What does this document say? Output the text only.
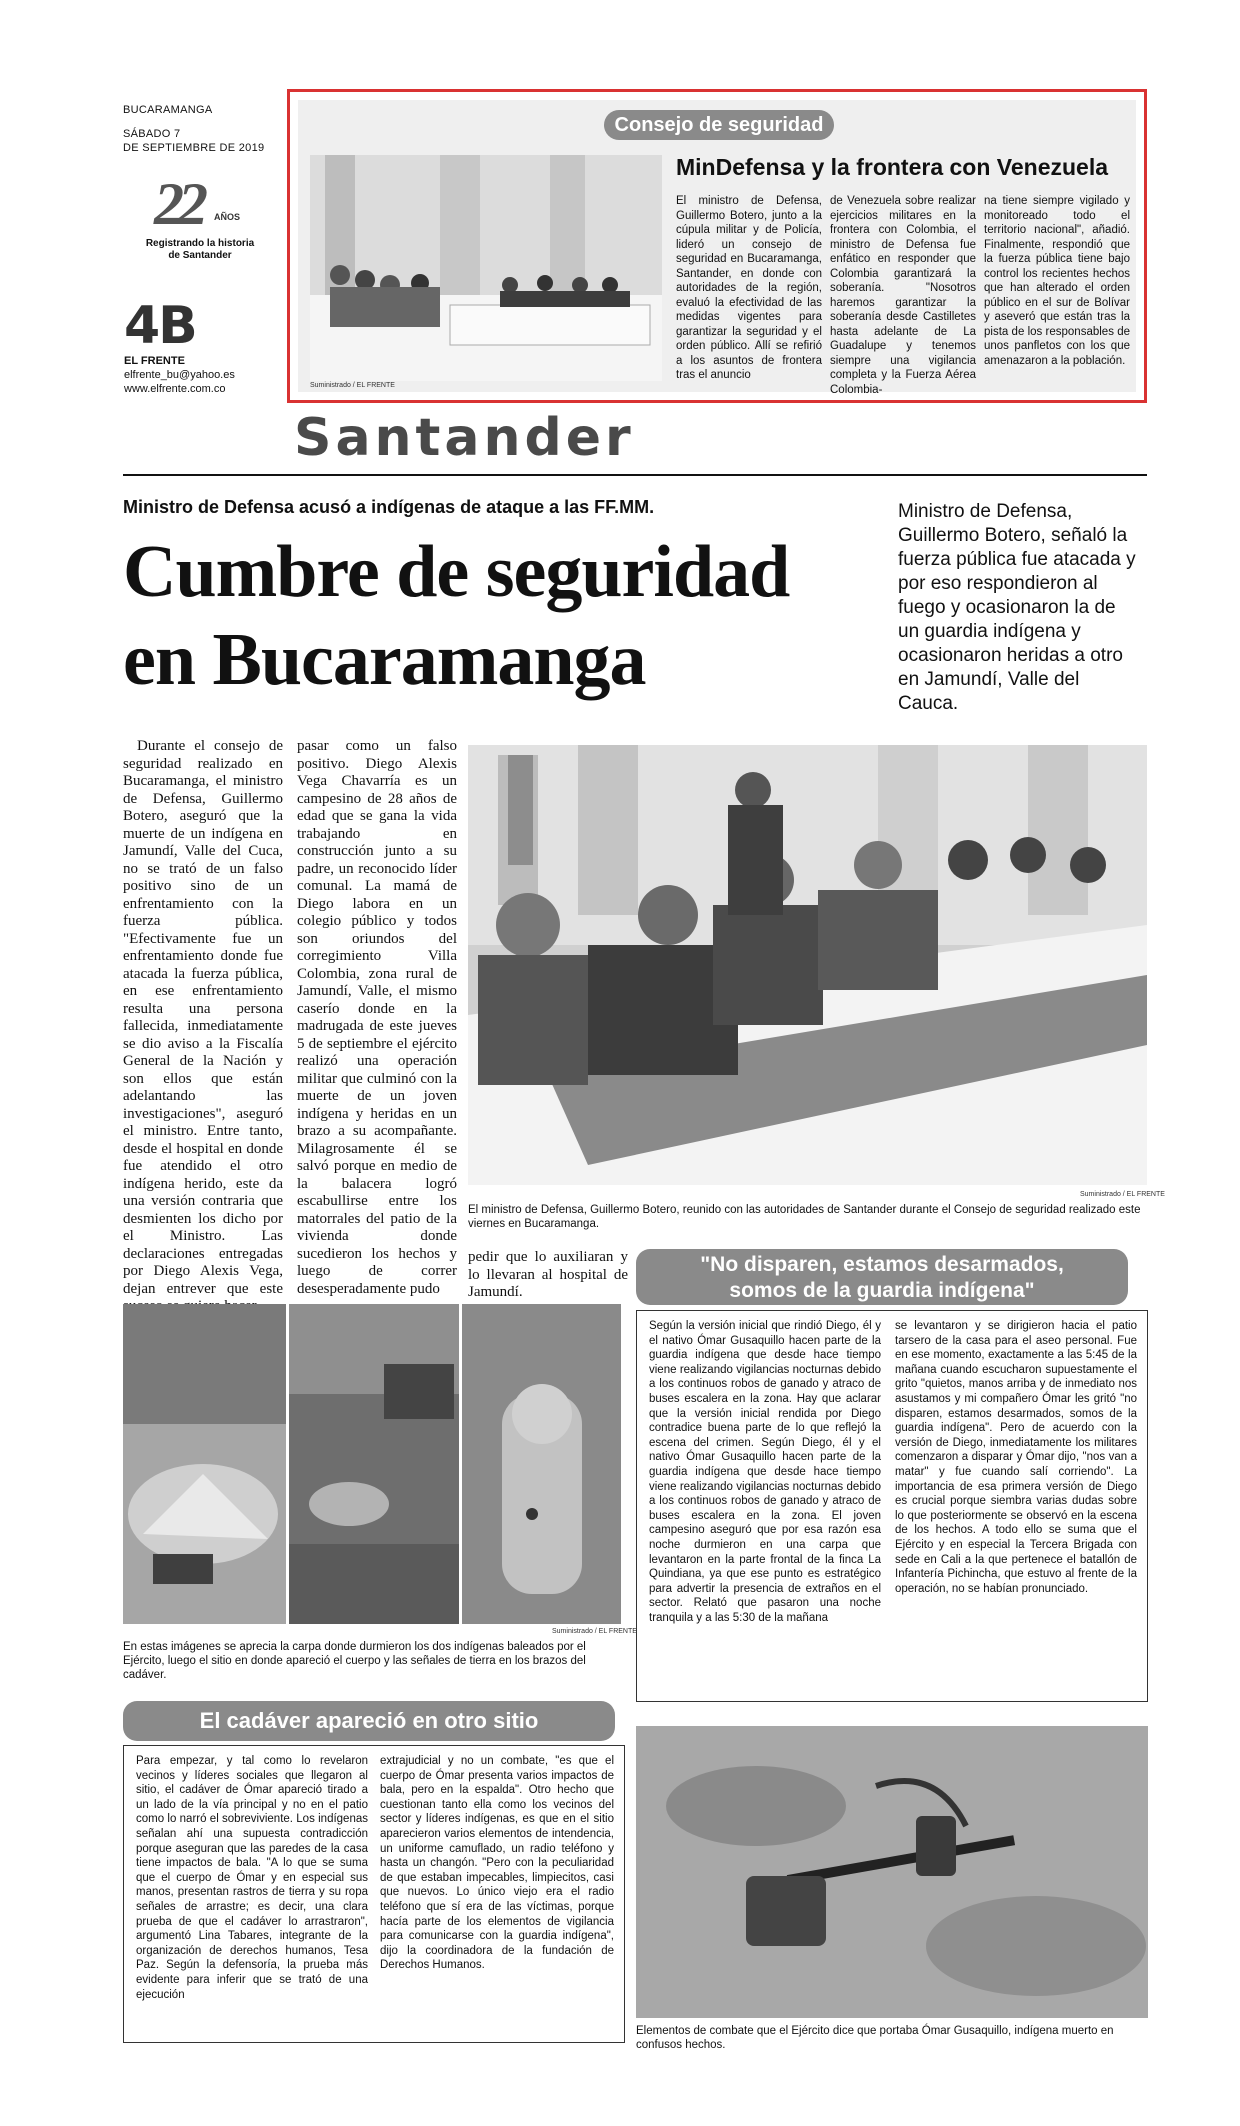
BUCARAMANGA
SÁBADO 7
DE SEPTIEMBRE DE 2019
22 AÑOS
Registrando la historia
de Santander
4B
EL FRENTE
elfrente_bu@yahoo.es
www.elfrente.com.co
Consejo de seguridad
Suministrado / EL FRENTE
MinDefensa y la frontera con Venezuela
El ministro de Defensa, Guillermo Botero, junto a la cúpula militar y de Policía, lideró un consejo de seguridad en Bucaramanga, Santander, en donde con autoridades de la región, evaluó la efectividad de las medidas vigentes para garantizar la seguridad y el orden público. Allí se refirió a los asuntos de frontera tras el anuncio
de Venezuela sobre realizar ejercicios militares en la frontera con Colombia, el ministro de Defensa fue enfático en responder que Colombia garantizará la soberanía. "Nosotros haremos garantizar la soberanía desde Castilletes hasta adelante de La Guadalupe y tenemos siempre una vigilancia completa y la Fuerza Aérea Colombia-
na tiene siempre vigilado y monitoreado todo el territorio nacional", añadió. Finalmente, respondió que la fuerza pública tiene bajo control los recientes hechos que han alterado el orden público en el sur de Bolívar y aseveró que están tras la pista de los responsables de unos panfletos con los que amenazaron a la población.
Santander
Ministro de Defensa acusó a indígenas de ataque a las FF.MM.
Cumbre de seguridad
en Bucaramanga
Ministro de Defensa, Guillermo Botero, señaló la fuerza pública fue atacada y por eso respondieron al fuego y ocasionaron la de un guardia indígena y ocasionaron heridas a otro en Jamundí, Valle del Cauca.
Durante el consejo de seguridad realizado en Bucaramanga, el ministro de Defensa, Guillermo Botero, aseguró que la muerte de un indígena en Jamundí, Valle del Cuca, no se trató de un falso positivo sino de un enfrentamiento con la fuerza pública. "Efectivamente fue un enfrentamiento donde fue atacada la fuerza pública, en ese enfrentamiento resulta una persona fallecida, inmediatamente se dio aviso a la Fiscalía General de la Nación y son ellos que están adelantando las investigaciones", aseguró el ministro. Entre tanto, desde el hospital en donde fue atendido el otro indígena herido, este da una versión contraria que desmienten los dicho por el Ministro. Las declaraciones entregadas por Diego Alexis Vega, dejan entrever que este
pasar como un falso positivo. Diego Alexis Vega Chavarría es un campesino de 28 años de edad que se gana la vida trabajando en construcción junto a su padre, un reconocido líder comunal. La mamá de Diego labora en un colegio público y todos son oriundos del corregimiento Villa Colombia, zona rural de Jamundí, Valle, el mismo caserío donde en la madrugada de este jueves 5 de septiembre el ejército realizó una operación militar que culminó con la muerte de un joven indígena y heridas en un brazo a su acompañante. Milagrosamente él se salvó porque en medio de la balacera logró escabullirse entre los matorrales del patio de la vivienda donde sucedieron los hechos y luego de correr desesperadamente pudo
Suministrado / EL FRENTE
El ministro de Defensa, Guillermo Botero, reunido con las autoridades de Santander durante el Consejo de seguridad realizado este viernes en Bucaramanga.
pedir que lo auxiliaran y lo llevaran al hospital de Jamundí.
Suministrado / EL FRENTE
En estas imágenes se aprecia la carpa donde durmieron los dos indígenas baleados por el Ejército, luego el sitio en donde apareció el cuerpo y las señales de tierra en los brazos del cadáver.
"No disparen, estamos desarmados,
somos de la guardia indígena"
Según la versión inicial que rindió Diego, él y el nativo Ómar Gusaquillo hacen parte de la guardia indígena que desde hace tiempo viene realizando vigilancias nocturnas debido a los continuos robos de ganado y atraco de buses escalera en la zona. Hay que aclarar que la versión inicial rendida por Diego contradice buena parte de lo que reflejó la escena del crimen. Según Diego, él y el nativo Ómar Gusaquillo hacen parte de la guardia indígena que desde hace tiempo viene realizando vigilancias nocturnas debido a los continuos robos de ganado y atraco de buses escalera en la zona. El joven campesino aseguró que por esa razón esa noche durmieron en una carpa que levantaron en la parte frontal de la finca La Quindiana, ya que ese punto es estratégico para advertir la presencia de extraños en el sector. Relató que pasaron una noche tranquila y a las 5:30 de la mañana
se levantaron y se dirigieron hacia el patio tarsero de la casa para el aseo personal. Fue en ese momento, exactamente a las 5:45 de la mañana cuando escucharon supuestamente el grito "quietos, manos arriba y de inmediato nos asustamos y mi compañero Ómar les gritó "no disparen, estamos desarmados, somos de la guardia indígena". Pero de acuerdo con la versión de Diego, inmediatamente los militares comenzaron a disparar y Ómar dijo, "nos van a matar" y fue cuando salí corriendo". La importancia de esa primera versión de Diego es crucial porque siembra varias dudas sobre lo que posteriormente se observó en la escena de los hechos. A todo ello se suma que el Ejército y en especial la Tercera Brigada con sede en Cali a la que pertenece el batallón de Infantería Pichincha, que estuvo al frente de la operación, no se habían pronunciado.
El cadáver apareció en otro sitio
Para empezar, y tal como lo revelaron vecinos y líderes sociales que llegaron al sitio, el cadáver de Ómar apareció tirado a un lado de la vía principal y no en el patio como lo narró el sobreviviente. Los indígenas señalan ahí una supuesta contradicción porque aseguran que las paredes de la casa tiene impactos de bala. "A lo que se suma que el cuerpo de Ómar y en especial sus manos, presentan rastros de tierra y su ropa señales de arrastre; es decir, una clara prueba de que el cadáver lo arrastraron", argumentó Lina Tabares, integrante de la organización de derechos humanos, Tesa Paz. Según la defensoría, la prueba más evidente para inferir que se trató de una ejecución
extrajudicial y no un combate, "es que el cuerpo de Ómar presenta varios impactos de bala, pero en la espalda". Otro hecho que cuestionan tanto ella como los vecinos del sector y líderes indígenas, es que en el sitio aparecieron varios elementos de intendencia, un uniforme camuflado, un radio teléfono y hasta un changón. "Pero con la peculiaridad de que estaban impecables, limpiecitos, casi que nuevos. Lo único viejo era el radio teléfono que sí era de las víctimas, porque hacía parte de los elementos de vigilancia para comunicarse con la guardia indígena", dijo la coordinadora de la fundación de Derechos Humanos.
Elementos de combate que el Ejército dice que portaba Ómar Gusaquillo, indígena muerto en confusos hechos.
